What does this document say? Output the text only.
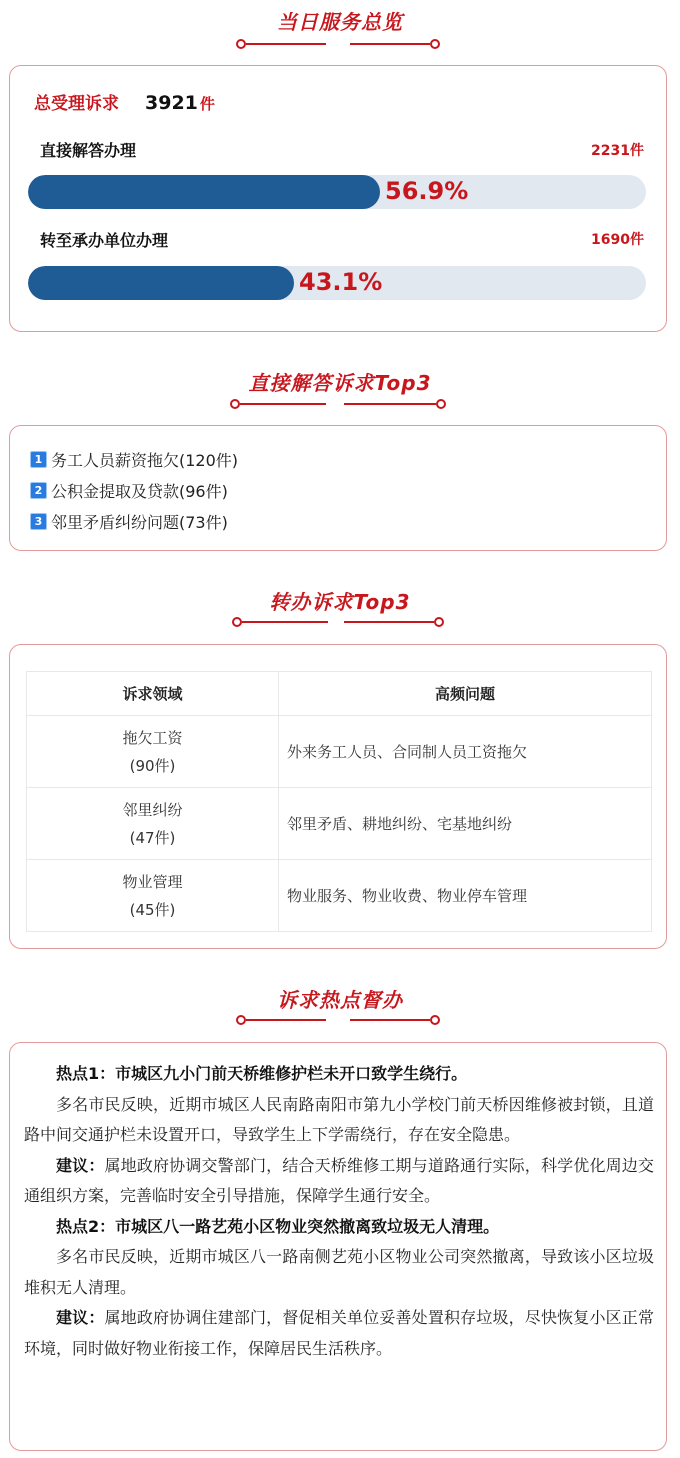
当日服务总览
总受理诉求 3921 件
直接解答办理	2231件
56.9%
转至承办单位办理	1690件
43.1%
直接解答诉求Top3
1 务工人员薪资拖欠(120件)
2 公积金提取及贷款(96件)
3 邻里矛盾纠纷问题(73件)
转办诉求Top3
诉求领域	高频问题

拖欠工资
(90件)	外来务工人员、合同制人员工资拖欠

邻里纠纷
(47件)	邻里矛盾、耕地纠纷、宅基地纠纷

物业管理
(45件)	物业服务、物业收费、物业停车管理
诉求热点督办

热点1：市城区九小门前天桥维修护栏未开口致学生绕行。

多名市民反映，近期市城区人民南路南阳市第九小学校门前天桥因维修被封锁，且道路中间交通护栏未设置开口，导致学生上下学需绕行，存在安全隐患。

建议：属地政府协调交警部门，结合天桥维修工期与道路通行实际，科学优化周边交通组织方案，完善临时安全引导措施，保障学生通行安全。

热点2：市城区八一路艺苑小区物业突然撤离致垃圾无人清理。

多名市民反映，近期市城区八一路南侧艺苑小区物业公司突然撤离，导致该小区垃圾堆积无人清理。

建议：属地政府协调住建部门，督促相关单位妥善处置积存垃圾，尽快恢复小区正常环境，同时做好物业衔接工作，保障居民生活秩序。
